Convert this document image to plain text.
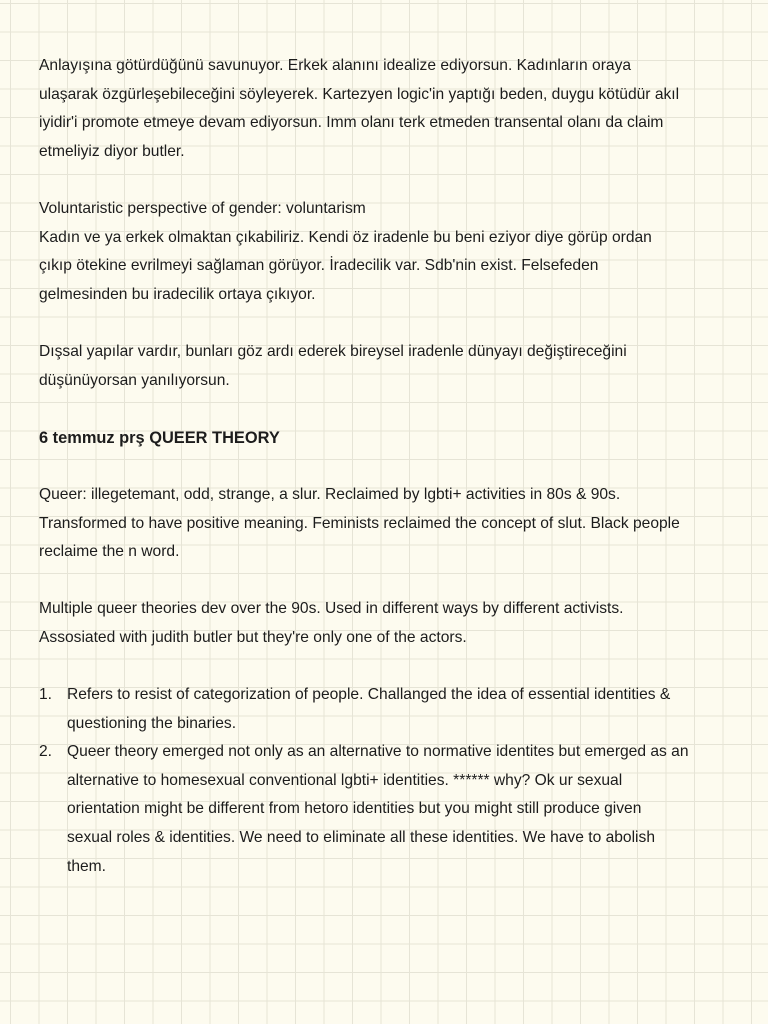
Anlayışına götürdüğünü savunuyor. Erkek alanını idealize ediyorsun. Kadınların oraya
ulaşarak özgürleşebileceğini söyleyerek. Kartezyen logic'in yaptığı beden, duygu kötüdür akıl
iyidir'i promote etmeye devam ediyorsun. Imm olanı terk etmeden transental olanı da claim
etmeliyiz diyor butler.

Voluntaristic perspective of gender: voluntarism
Kadın ve ya erkek olmaktan çıkabiliriz. Kendi öz iradenle bu beni eziyor diye görüp ordan
çıkıp ötekine evrilmeyi sağlaman görüyor. İradecilik var. Sdb'nin exist. Felsefeden
gelmesinden bu iradecilik ortaya çıkıyor.

Dışsal yapılar vardır, bunları göz ardı ederek bireysel iradenle dünyayı değiştireceğini
düşünüyorsan yanılıyorsun.

6 temmuz prş QUEER THEORY

Queer: illegetemant, odd, strange, a slur. Reclaimed by lgbti+ activities in 80s & 90s.
Transformed to have positive meaning. Feminists reclaimed the concept of slut. Black people
reclaime the n word.

Multiple queer theories dev over the 90s. Used in different ways by different activists.
Assosiated with judith butler but they're only one of the actors.

1. Refers to resist of categorization of people. Challanged the idea of essential identities &
questioning the binaries.
2. Queer theory emerged not only as an alternative to normative identites but emerged as an
alternative to homesexual conventional lgbti+ identities. ****** why? Ok ur sexual
orientation might be different from hetoro identities but you might still produce given
sexual roles & identities. We need to eliminate all these identities. We have to abolish
them.
